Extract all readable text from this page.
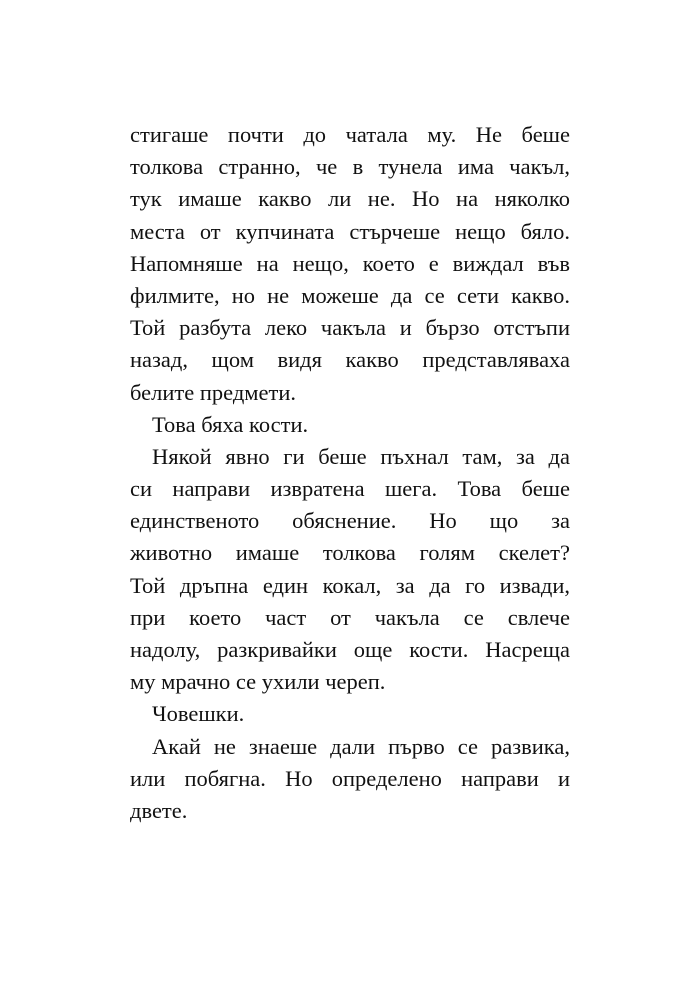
стигаше почти до чатала му. Не беше
толкова странно, че в тунела има чакъл,
тук имаше какво ли не. Но на няколко
места от купчината стърчеше нещо бяло.
Напомняше на нещо, което е виждал във
филмите, но не можеше да се сети какво.
Той разбута леко чакъла и бързо отстъпи
назад, щом видя какво представляваха
белите предмети.

Това бяха кости.

Някой явно ги беше пъхнал там, за да
си направи извратена шега. Това беше
единственото обяснение. Но що за
животно имаше толкова голям скелет?
Той дръпна един кокал, за да го извади,
при което част от чакъла се свлече
надолу, разкривайки още кости. Насреща
му мрачно се ухили череп.

Човешки.

Акай не знаеше дали първо се развика,
или побягна. Но определено направи и
двете.
